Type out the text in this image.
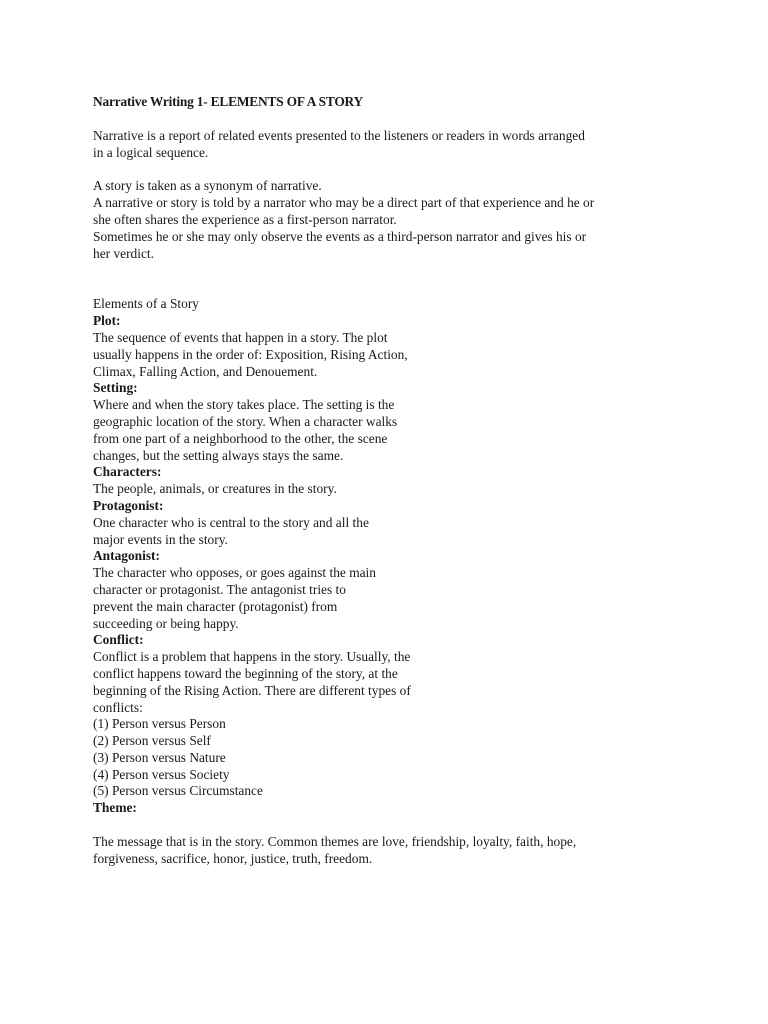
Narrative Writing 1- ELEMENTS OF A STORY
Narrative is a report of related events presented to the listeners or readers in words arranged
in a logical sequence.
A story is taken as a synonym of narrative.
A narrative or story is told by a narrator who may be a direct part of that experience and he or
she often shares the experience as a first-person narrator.
Sometimes he or she may only observe the events as a third-person narrator and gives his or
her verdict.
Elements of a Story
Plot:
The sequence of events that happen in a story. The plot
usually happens in the order of: Exposition, Rising Action,
Climax, Falling Action, and Denouement.
Setting:
Where and when the story takes place. The setting is the
geographic location of the story. When a character walks
from one part of a neighborhood to the other, the scene
changes, but the setting always stays the same.
Characters:
The people, animals, or creatures in the story.
Protagonist:
One character who is central to the story and all the
major events in the story.
Antagonist:
The character who opposes, or goes against the main
character or protagonist. The antagonist tries to
prevent the main character (protagonist) from
succeeding or being happy.
Conflict:
Conflict is a problem that happens in the story. Usually, the
conflict happens toward the beginning of the story, at the
beginning of the Rising Action. There are different types of
conflicts:
(1) Person versus Person
(2) Person versus Self
(3) Person versus Nature
(4) Person versus Society
(5) Person versus Circumstance
Theme:
The message that is in the story. Common themes are love, friendship, loyalty, faith, hope,
forgiveness, sacrifice, honor, justice, truth, freedom.
